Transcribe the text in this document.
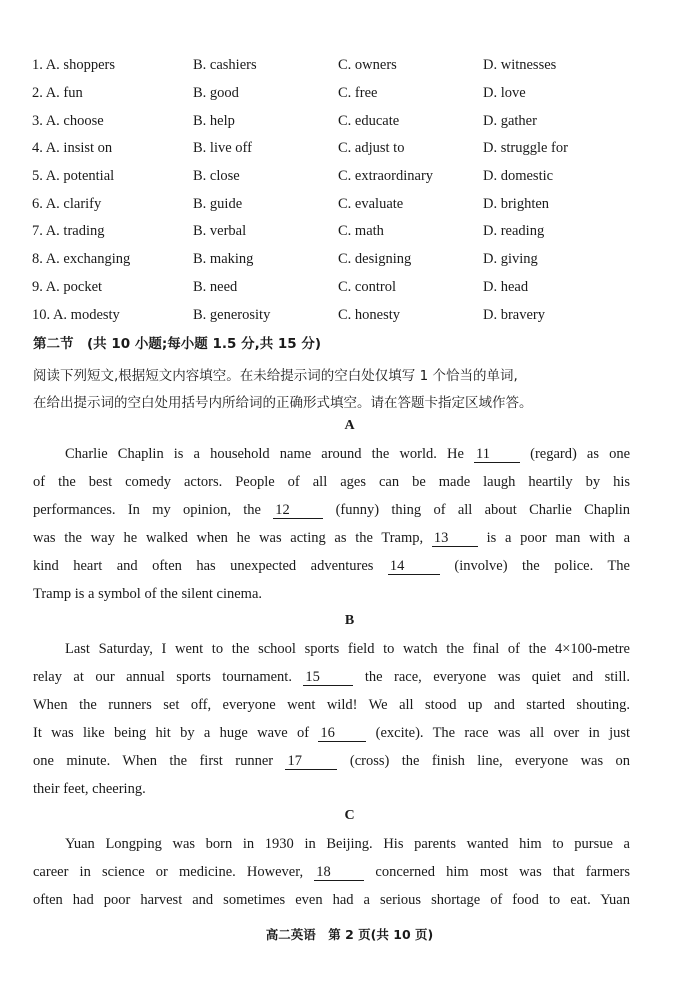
1. A. shoppers	B. cashiers	C. owners	D. witnesses
2. A. fun	B. good	C. free	D. love
3. A. choose	B. help	C. educate	D. gather
4. A. insist on	B. live off	C. adjust to	D. struggle for
5. A. potential	B. close	C. extraordinary	D. domestic
6. A. clarify	B. guide	C. evaluate	D. brighten
7. A. trading	B. verbal	C. math	D. reading
8. A. exchanging	B. making	C. designing	D. giving
9. A. pocket	B. need	C. control	D. head
10. A. modesty	B. generosity	C. honesty	D. bravery
第二节　(共 10 小题;每小题 1.5 分,共 15 分)
阅读下列短文,根据短文内容填空。在未给提示词的空白处仅填写 1 个恰当的单词,
在给出提示词的空白处用括号内所给词的正确形式填空。请在答题卡指定区域作答。
A
Charlie Chaplin is a household name around the world. He 11	(regard) as one
of the best comedy actors. People of all ages can be made laugh heartily by his
performances. In my opinion, the 12	(funny) thing of all about Charlie Chaplin
was the way he walked when he was acting as the Tramp, 13	is a poor man with a
kind heart and often has unexpected adventures 14	(involve) the police. The
Tramp is a symbol of the silent cinema.
B
Last Saturday, I went to the school sports field to watch the final of the 4×100-metre
relay at our annual sports tournament. 15	the race, everyone was quiet and still.
When the runners set off, everyone went wild! We all stood up and started shouting.
It was like being hit by a huge wave of 16	(excite). The race was all over in just
one minute. When the first runner 17	(cross) the finish line, everyone was on
their feet, cheering.
C
Yuan Longping was born in 1930 in Beijing. His parents wanted him to pursue a
career in science or medicine. However, 18	concerned him most was that farmers
often had poor harvest and sometimes even had a serious shortage of food to eat. Yuan
高二英语　第 2 页(共 10 页)
